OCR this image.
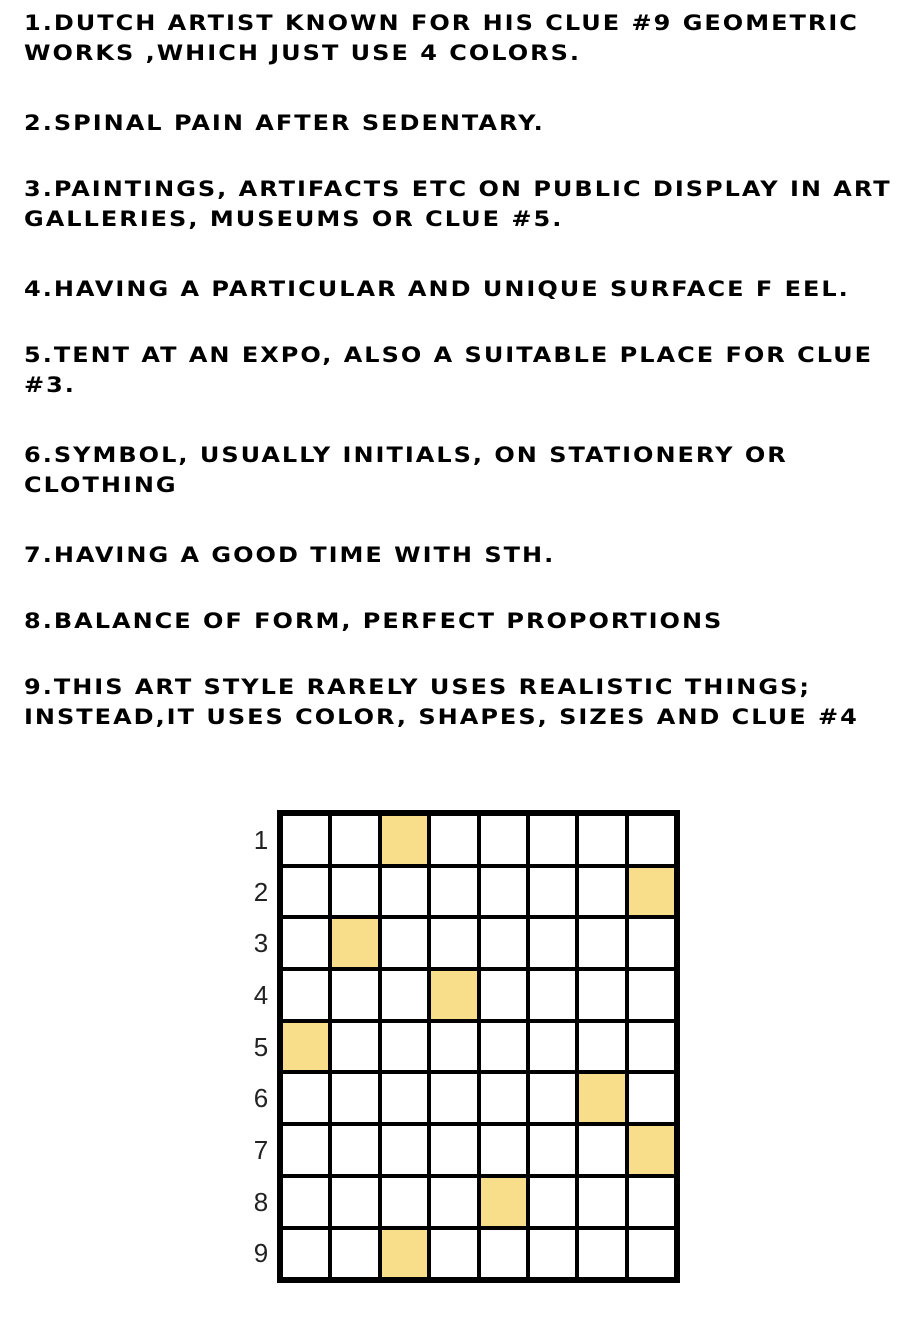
1.DUTCH ARTIST KNOWN FOR HIS CLUE #9 GEOMETRIC WORKS ,WHICH JUST USE 4 COLORS.
2.SPINAL PAIN AFTER SEDENTARY.
3.PAINTINGS, ARTIFACTS ETC ON PUBLIC DISPLAY IN ART GALLERIES, MUSEUMS OR CLUE #5.
4.HAVING A PARTICULAR AND UNIQUE SURFACE F EEL.
5.TENT AT AN EXPO, ALSO A SUITABLE PLACE FOR CLUE #3.
6.SYMBOL, USUALLY INITIALS, ON STATIONERY OR CLOTHING
7.HAVING A GOOD TIME WITH STH.
8.BALANCE OF FORM, PERFECT PROPORTIONS
9.THIS ART STYLE RARELY USES REALISTIC THINGS; INSTEAD,IT USES COLOR, SHAPES, SIZES AND CLUE #4
1
2
3
4
5
6
7
8
9
